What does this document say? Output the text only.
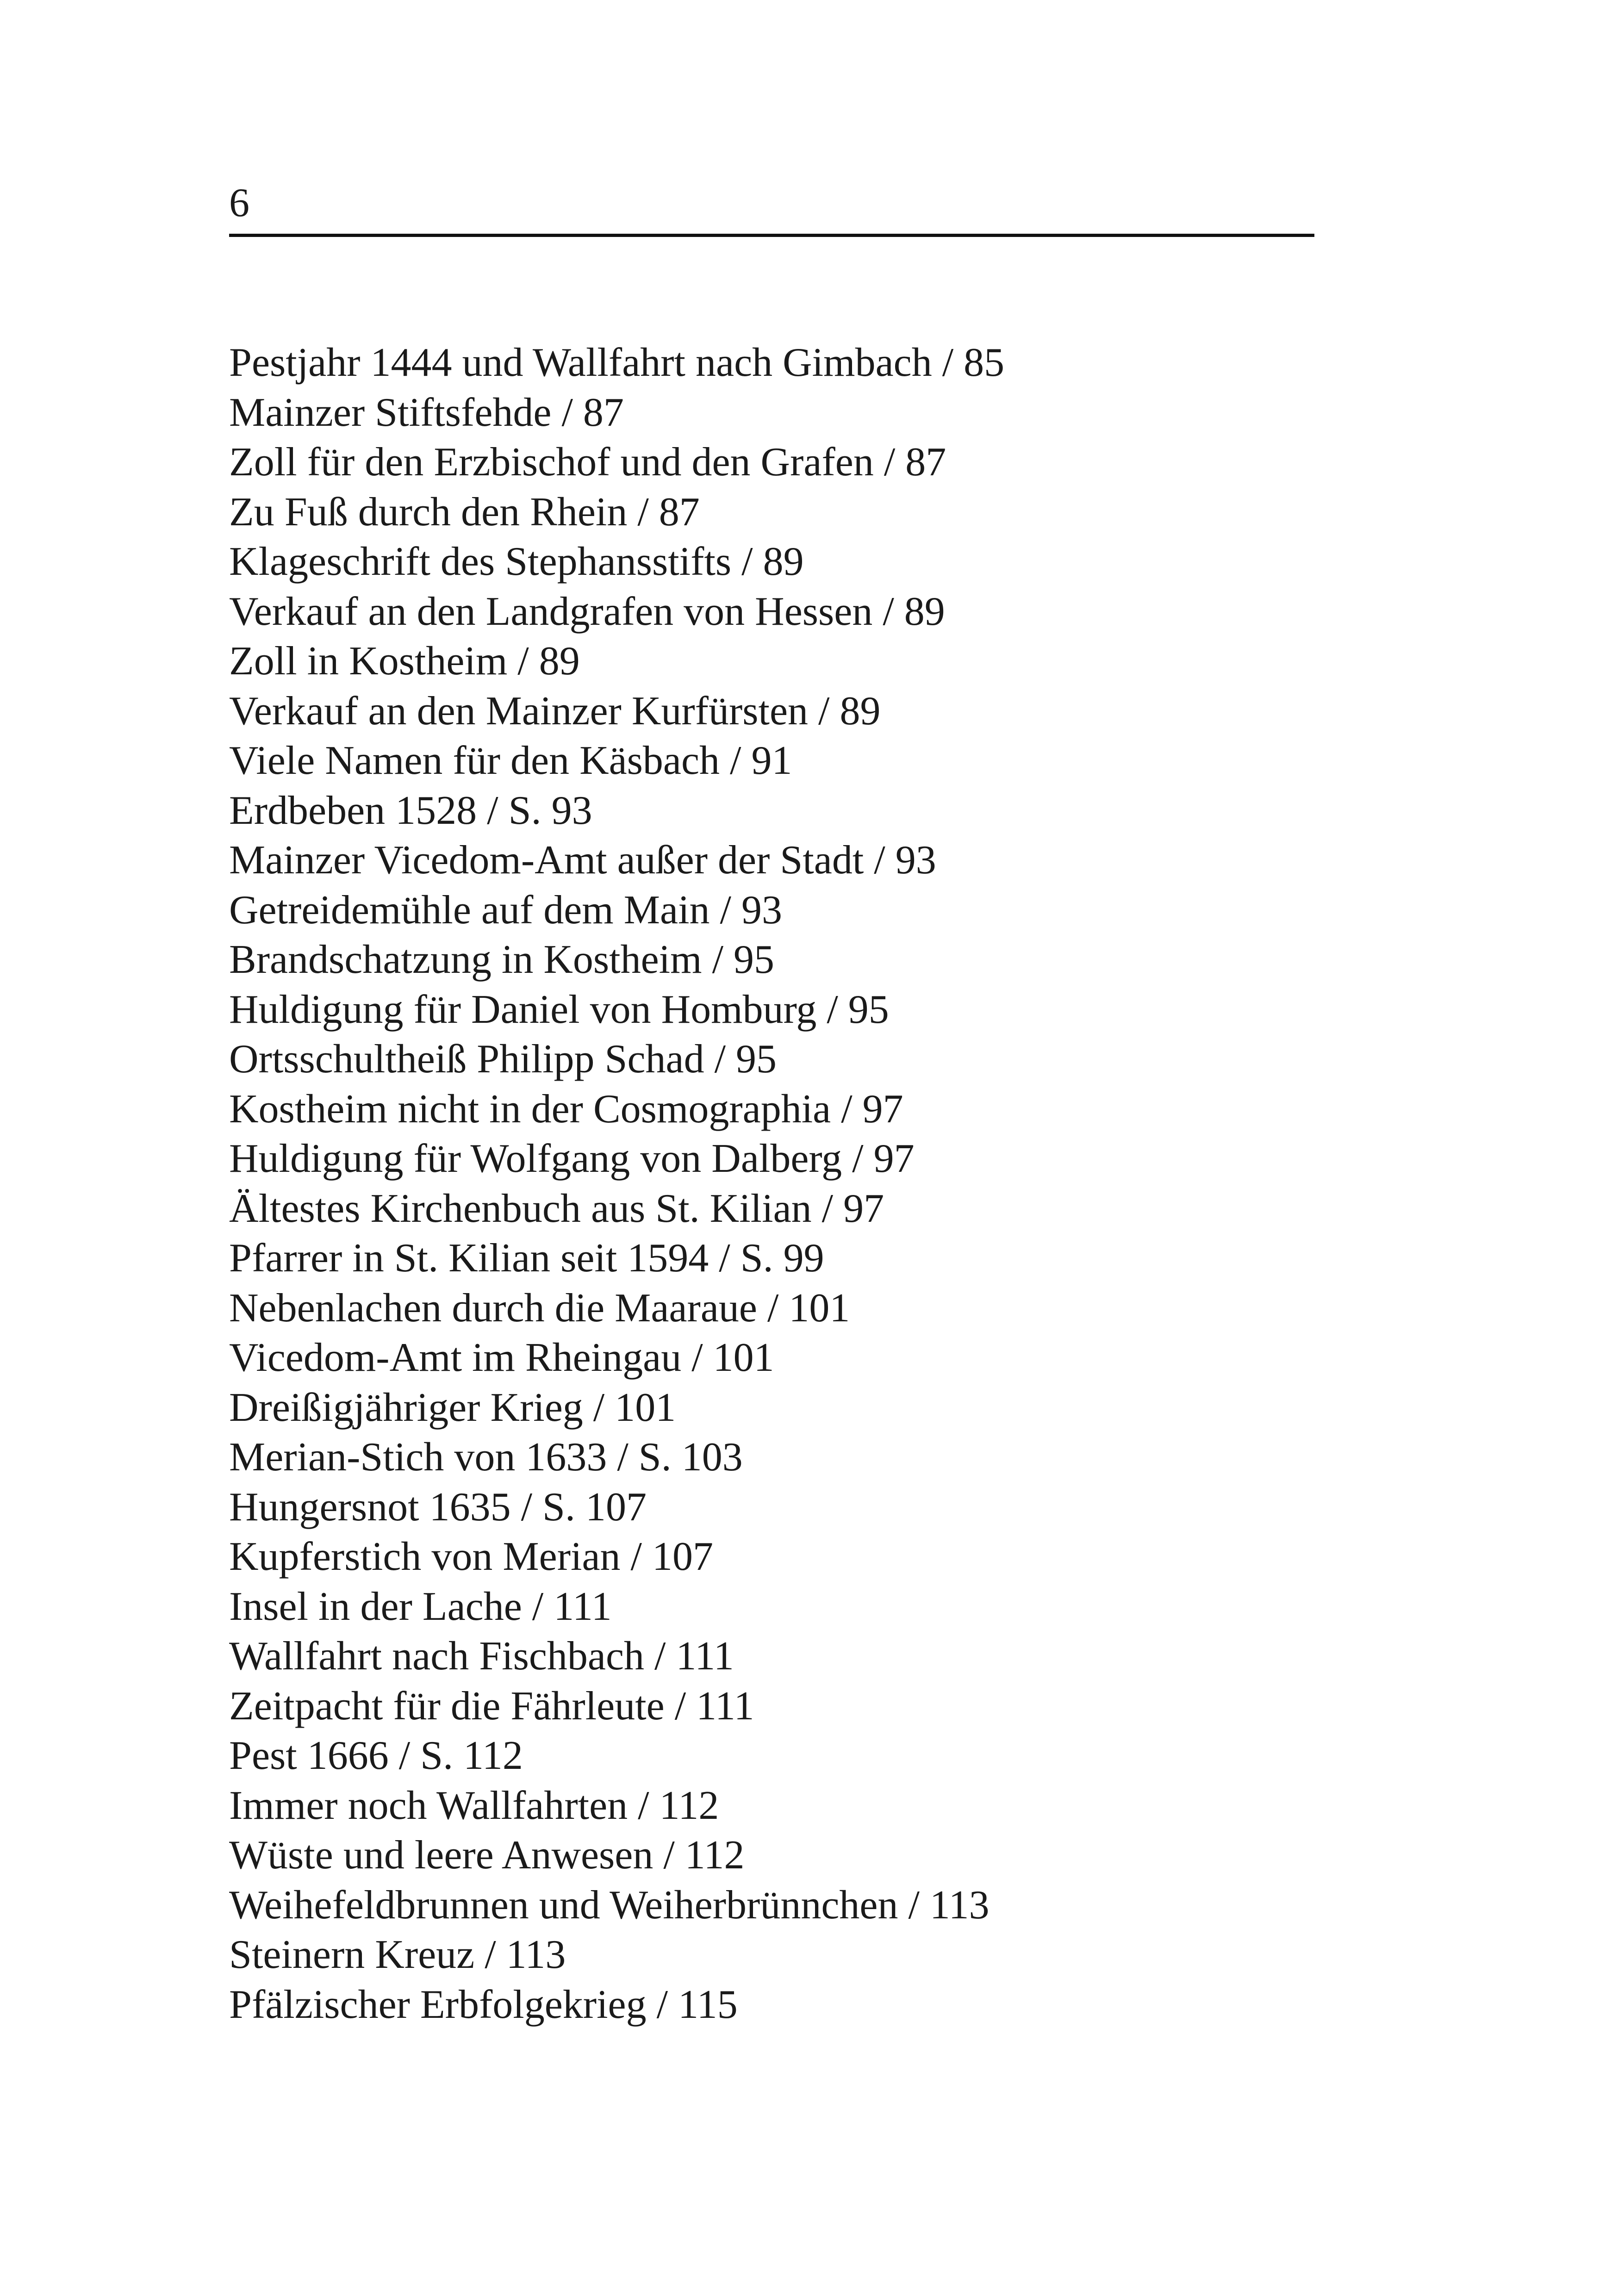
6
Pestjahr 1444 und Wallfahrt nach Gimbach / 85
Mainzer Stiftsfehde / 87
Zoll für den Erzbischof und den Grafen / 87
Zu Fuß durch den Rhein / 87
Klageschrift des Stephansstifts / 89
Verkauf an den Landgrafen von Hessen / 89
Zoll in Kostheim / 89
Verkauf an den Mainzer Kurfürsten / 89
Viele Namen für den Käsbach / 91
Erdbeben 1528 / S. 93
Mainzer Vicedom-Amt außer der Stadt / 93
Getreidemühle auf dem Main / 93
Brandschatzung in Kostheim / 95
Huldigung für Daniel von Homburg / 95
Ortsschultheiß Philipp Schad / 95
Kostheim nicht in der Cosmographia / 97
Huldigung für Wolfgang von Dalberg / 97
Ältestes Kirchenbuch aus St. Kilian / 97
Pfarrer in St. Kilian seit 1594 / S. 99
Nebenlachen durch die Maaraue / 101
Vicedom-Amt im Rheingau / 101
Dreißigjähriger Krieg / 101
Merian-Stich von 1633 / S. 103
Hungersnot 1635 / S. 107
Kupferstich von Merian / 107
Insel in der Lache / 111
Wallfahrt nach Fischbach / 111
Zeitpacht für die Fährleute / 111
Pest 1666 / S. 112
Immer noch Wallfahrten / 112
Wüste und leere Anwesen / 112
Weihefeldbrunnen und Weiherbrünnchen / 113
Steinern Kreuz / 113
Pfälzischer Erbfolgekrieg / 115
